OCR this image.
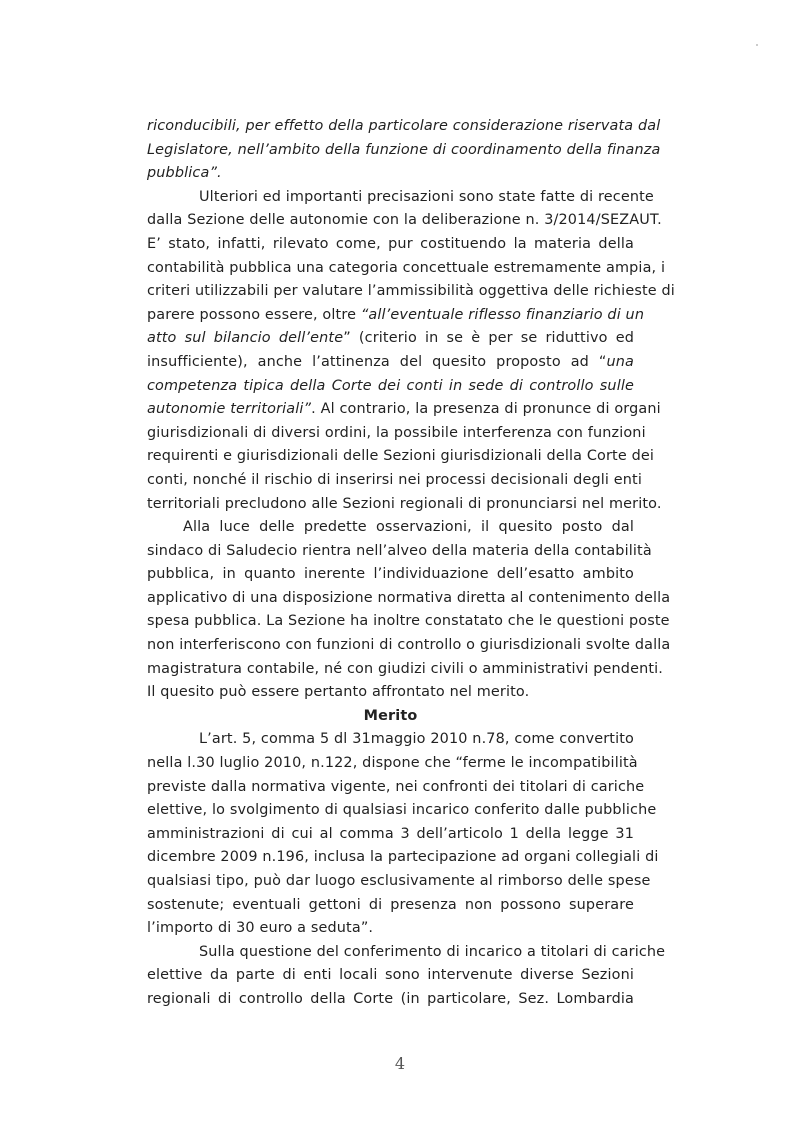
riconducibili, per effetto della particolare considerazione riservata dal
Legislatore, nell’ambito della funzione di coordinamento della finanza
pubblica”.
Ulteriori ed importanti precisazioni sono state fatte di recente
dalla Sezione delle autonomie con la deliberazione n. 3/2014/SEZAUT.
E’ stato, infatti, rilevato come, pur costituendo la materia della
contabilità pubblica una categoria concettuale estremamente ampia, i
criteri utilizzabili per valutare l’ammissibilità oggettiva delle richieste di
parere possono essere, oltre “all’eventuale riflesso finanziario di un
atto sul bilancio dell’ente” (criterio in se è per se riduttivo ed
insufficiente), anche l’attinenza del quesito proposto ad “una
competenza tipica della Corte dei conti in sede di controllo sulle
autonomie territoriali”. Al contrario, la presenza di pronunce di organi
giurisdizionali di diversi ordini, la possibile interferenza con funzioni
requirenti e giurisdizionali delle Sezioni giurisdizionali della Corte dei
conti, nonché il rischio di inserirsi nei processi decisionali degli enti
territoriali precludono alle Sezioni regionali di pronunciarsi nel merito.
Alla luce delle predette osservazioni, il quesito posto dal
sindaco di Saludecio rientra nell’alveo della materia della contabilità
pubblica, in quanto inerente l’individuazione dell’esatto ambito
applicativo di una disposizione normativa diretta al contenimento della
spesa pubblica. La Sezione ha inoltre constatato che le questioni poste
non interferiscono con funzioni di controllo o giurisdizionali svolte dalla
magistratura contabile, né con giudizi civili o amministrativi pendenti.
Il quesito può essere pertanto affrontato nel merito.
Merito
L’art. 5, comma 5 dl 31maggio 2010 n.78, come convertito
nella l.30 luglio 2010, n.122, dispone che “ferme le incompatibilità
previste dalla normativa vigente, nei confronti dei titolari di cariche
elettive, lo svolgimento di qualsiasi incarico conferito dalle pubbliche
amministrazioni di cui al comma 3 dell’articolo 1 della legge 31
dicembre 2009 n.196, inclusa la partecipazione ad organi collegiali di
qualsiasi tipo, può dar luogo esclusivamente al rimborso delle spese
sostenute; eventuali gettoni di presenza non possono superare
l’importo di 30 euro a seduta”.
Sulla questione del conferimento di incarico a titolari di cariche
elettive da parte di enti locali sono intervenute diverse Sezioni
regionali di controllo della Corte (in particolare, Sez. Lombardia
4
